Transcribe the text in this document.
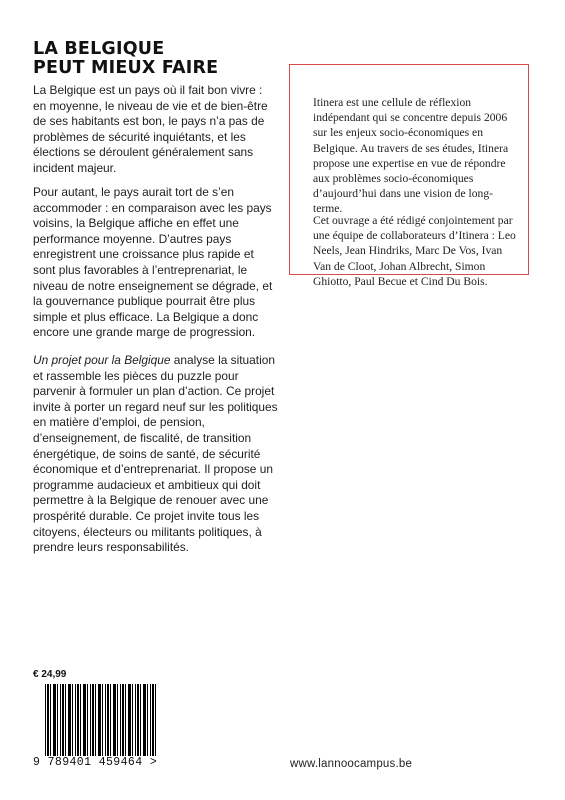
LA BELGIQUE
PEUT MIEUX FAIRE

La Belgique est un pays où il fait bon vivre : en moyenne, le niveau de vie et de bien-être de ses habitants est bon, le pays n’a pas de problèmes de sécurité inquiétants, et les élections se déroulent généralement sans incident majeur.

Pour autant, le pays aurait tort de s’en accommoder : en comparaison avec les pays voisins, la Belgique affiche en effet une performance moyenne. D’autres pays enregistrent une croissance plus rapide et sont plus favorables à l’entreprenariat, le niveau de notre enseignement se dégrade, et la gouvernance publique pourrait être plus simple et plus efficace. La Belgique a donc encore une grande marge de progression.

Un projet pour la Belgique analyse la situation et rassemble les pièces du puzzle pour parvenir à formuler un plan d’action. Ce projet invite à porter un regard neuf sur les politiques en matière d’emploi, de pension, d’enseignement, de fiscalité, de transition énergétique, de soins de santé, de sécurité économique et d’entreprenariat. Il propose un programme audacieux et ambitieux qui doit permettre à la Belgique de renouer avec une prospérité durable. Ce projet invite tous les citoyens, électeurs ou militants politiques, à prendre leurs responsabilités.

Itinera est une cellule de réflexion indépendant qui se concentre depuis 2006 sur les enjeux socio-économiques en Belgique. Au travers de ses études, Itinera propose une expertise en vue de répondre aux problèmes socio-économiques d’aujourd’hui dans une vision de long-terme.

Cet ouvrage a été rédigé conjointement par une équipe de collaborateurs d’Itinera : Leo Neels, Jean Hindriks, Marc De Vos, Ivan Van de Cloot, Johan Albrecht, Simon Ghiotto, Paul Becue et Cind Du Bois.

€ 24,99
9 789401 459464 >	www.lannoocampus.be
